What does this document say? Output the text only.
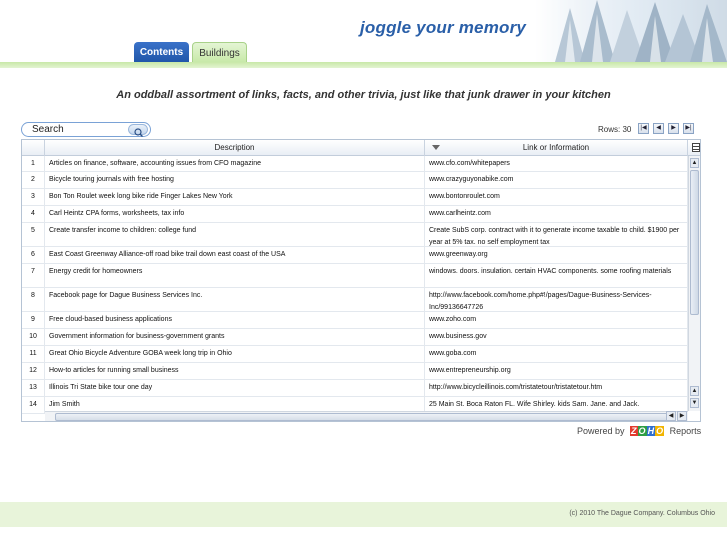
joggle your memory
Contents	Buildings
An oddball assortment of links, facts, and other trivia, just like that junk drawer in your kitchen
Search	Rows: 30	|◀	◀	▶	▶|
Description	Link or Information
1	Articles on finance, software, accounting issues from CFO magazine	www.cfo.com/whitepapers
2	Bicycle touring journals with free hosting	www.crazyguyonabike.com
3	Bon Ton Roulet week long bike ride Finger Lakes New York	www.bontonroulet.com
4	Carl Heintz CPA forms, worksheets, tax info	www.carlheintz.com
5	Create transfer income to children: college fund	Create SubS corp. contract with it to generate income taxable to child. $1900 per year at 5% tax. no self employment tax
6	East Coast Greenway Alliance-off road bike trail down east coast of the USA	www.greenway.org
7	Energy credit for homeowners	windows. doors. insulation. certain HVAC components. some roofing materials
8	Facebook page for Dague Business Services Inc.	http://www.facebook.com/home.php#!/pages/Dague-Business-Services-Inc/99136647726
9	Free cloud-based business applications	www.zoho.com
10	Government information for business-government grants	www.business.gov
11	Great Ohio Bicycle Adventure GOBA week long trip in Ohio	www.goba.com
12	How-to articles for running small business	www.entrepreneurship.org
13	Illinois Tri State bike tour one day	http://www.bicycleillinois.com/tristatetour/tristatetour.htm
14	Jim Smith	25 Main St. Boca Raton FL. Wife Shirley. kids Sam. Jane. and Jack.
▲
▲
▼
◀	▶
Powered by Z O H O Reports
(c) 2010 The Dague Company. Columbus Ohio
